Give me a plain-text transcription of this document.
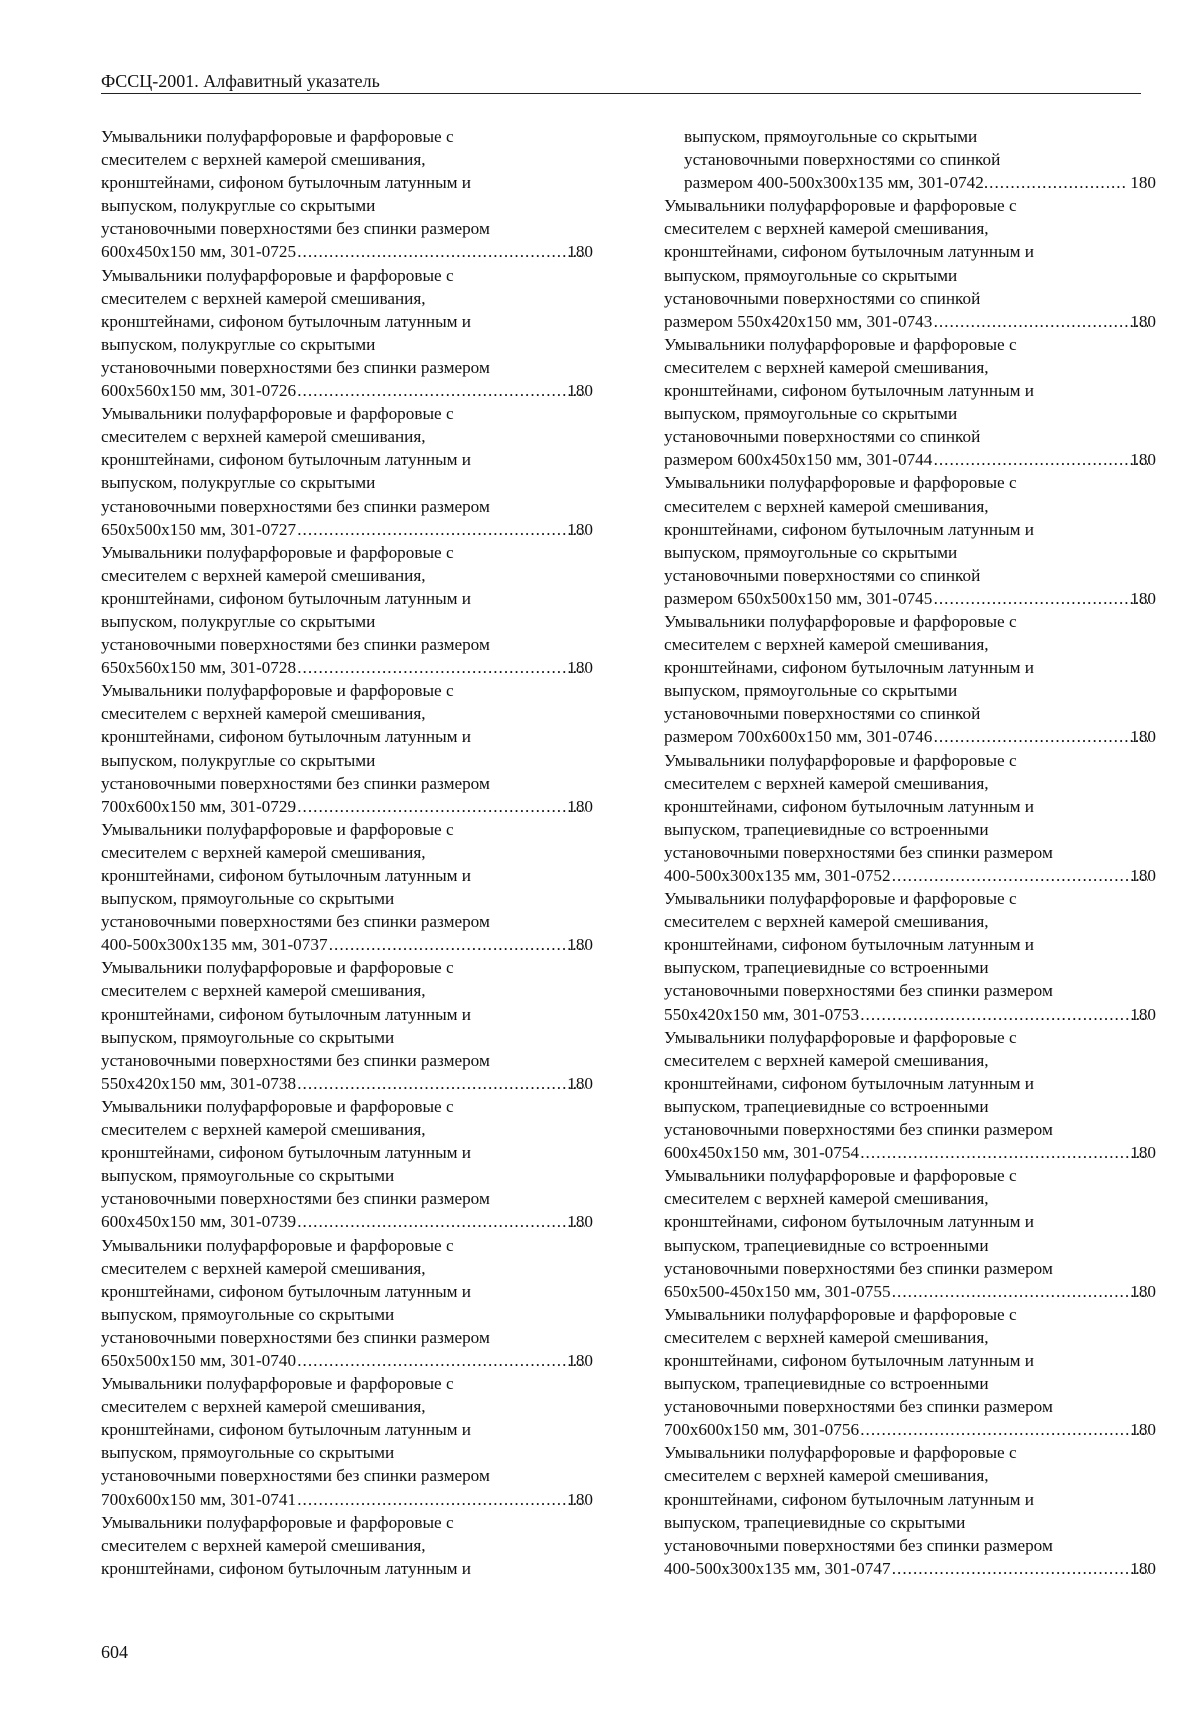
ФССЦ-2001. Алфавитный указатель
Умывальники полуфарфоровые и фарфоровые с
смесителем с верхней камерой смешивания,
кронштейнами, сифоном бутылочным латунным и
выпуском, полукруглые со скрытыми
установочными поверхностями без спинки размером
600x450x150 мм, 301-0725 .....	180
Умывальники полуфарфоровые и фарфоровые с
смесителем с верхней камерой смешивания,
кронштейнами, сифоном бутылочным латунным и
выпуском, полукруглые со скрытыми
установочными поверхностями без спинки размером
600x560x150 мм, 301-0726 .....	180
Умывальники полуфарфоровые и фарфоровые с
смесителем с верхней камерой смешивания,
кронштейнами, сифоном бутылочным латунным и
выпуском, полукруглые со скрытыми
установочными поверхностями без спинки размером
650x500x150 мм, 301-0727 .....	180
Умывальники полуфарфоровые и фарфоровые с
смесителем с верхней камерой смешивания,
кронштейнами, сифоном бутылочным латунным и
выпуском, полукруглые со скрытыми
установочными поверхностями без спинки размером
650x560x150 мм, 301-0728 .....	180
Умывальники полуфарфоровые и фарфоровые с
смесителем с верхней камерой смешивания,
кронштейнами, сифоном бутылочным латунным и
выпуском, полукруглые со скрытыми
установочными поверхностями без спинки размером
700x600x150 мм, 301-0729 .....	180
Умывальники полуфарфоровые и фарфоровые с
смесителем с верхней камерой смешивания,
кронштейнами, сифоном бутылочным латунным и
выпуском, прямоугольные со скрытыми
установочными поверхностями без спинки размером
400-500x300x135 мм, 301-0737 .....	180
Умывальники полуфарфоровые и фарфоровые с
смесителем с верхней камерой смешивания,
кронштейнами, сифоном бутылочным латунным и
выпуском, прямоугольные со скрытыми
установочными поверхностями без спинки размером
550x420x150 мм, 301-0738 .....	180
Умывальники полуфарфоровые и фарфоровые с
смесителем с верхней камерой смешивания,
кронштейнами, сифоном бутылочным латунным и
выпуском, прямоугольные со скрытыми
установочными поверхностями без спинки размером
600x450x150 мм, 301-0739 .....	180
Умывальники полуфарфоровые и фарфоровые с
смесителем с верхней камерой смешивания,
кронштейнами, сифоном бутылочным латунным и
выпуском, прямоугольные со скрытыми
установочными поверхностями без спинки размером
650x500x150 мм, 301-0740 .....	180
Умывальники полуфарфоровые и фарфоровые с
смесителем с верхней камерой смешивания,
кронштейнами, сифоном бутылочным латунным и
выпуском, прямоугольные со скрытыми
установочными поверхностями без спинки размером
700x600x150 мм, 301-0741 .....	180
Умывальники полуфарфоровые и фарфоровые с
смесителем с верхней камерой смешивания,
кронштейнами, сифоном бутылочным латунным и
выпуском, прямоугольные со скрытыми
установочными поверхностями со спинкой
размером 400-500x300x135 мм, 301-0742 .....	180
Умывальники полуфарфоровые и фарфоровые с
смесителем с верхней камерой смешивания,
кронштейнами, сифоном бутылочным латунным и
выпуском, прямоугольные со скрытыми
установочными поверхностями со спинкой
размером 550x420x150 мм, 301-0743 .....	180
Умывальники полуфарфоровые и фарфоровые с
смесителем с верхней камерой смешивания,
кронштейнами, сифоном бутылочным латунным и
выпуском, прямоугольные со скрытыми
установочными поверхностями со спинкой
размером 600x450x150 мм, 301-0744 .....	180
Умывальники полуфарфоровые и фарфоровые с
смесителем с верхней камерой смешивания,
кронштейнами, сифоном бутылочным латунным и
выпуском, прямоугольные со скрытыми
установочными поверхностями со спинкой
размером 650x500x150 мм, 301-0745 .....	180
Умывальники полуфарфоровые и фарфоровые с
смесителем с верхней камерой смешивания,
кронштейнами, сифоном бутылочным латунным и
выпуском, прямоугольные со скрытыми
установочными поверхностями со спинкой
размером 700x600x150 мм, 301-0746 .....	180
Умывальники полуфарфоровые и фарфоровые с
смесителем с верхней камерой смешивания,
кронштейнами, сифоном бутылочным латунным и
выпуском, трапециевидные со встроенными
установочными поверхностями без спинки размером
400-500x300x135 мм, 301-0752 .....	180
Умывальники полуфарфоровые и фарфоровые с
смесителем с верхней камерой смешивания,
кронштейнами, сифоном бутылочным латунным и
выпуском, трапециевидные со встроенными
установочными поверхностями без спинки размером
550x420x150 мм, 301-0753 .....	180
Умывальники полуфарфоровые и фарфоровые с
смесителем с верхней камерой смешивания,
кронштейнами, сифоном бутылочным латунным и
выпуском, трапециевидные со встроенными
установочными поверхностями без спинки размером
600x450x150 мм, 301-0754 .....	180
Умывальники полуфарфоровые и фарфоровые с
смесителем с верхней камерой смешивания,
кронштейнами, сифоном бутылочным латунным и
выпуском, трапециевидные со встроенными
установочными поверхностями без спинки размером
650x500-450x150 мм, 301-0755 .....	180
Умывальники полуфарфоровые и фарфоровые с
смесителем с верхней камерой смешивания,
кронштейнами, сифоном бутылочным латунным и
выпуском, трапециевидные со встроенными
установочными поверхностями без спинки размером
700x600x150 мм, 301-0756 .....	180
Умывальники полуфарфоровые и фарфоровые с
смесителем с верхней камерой смешивания,
кронштейнами, сифоном бутылочным латунным и
выпуском, трапециевидные со скрытыми
установочными поверхностями без спинки размером
400-500x300x135 мм, 301-0747 .....	180
604
